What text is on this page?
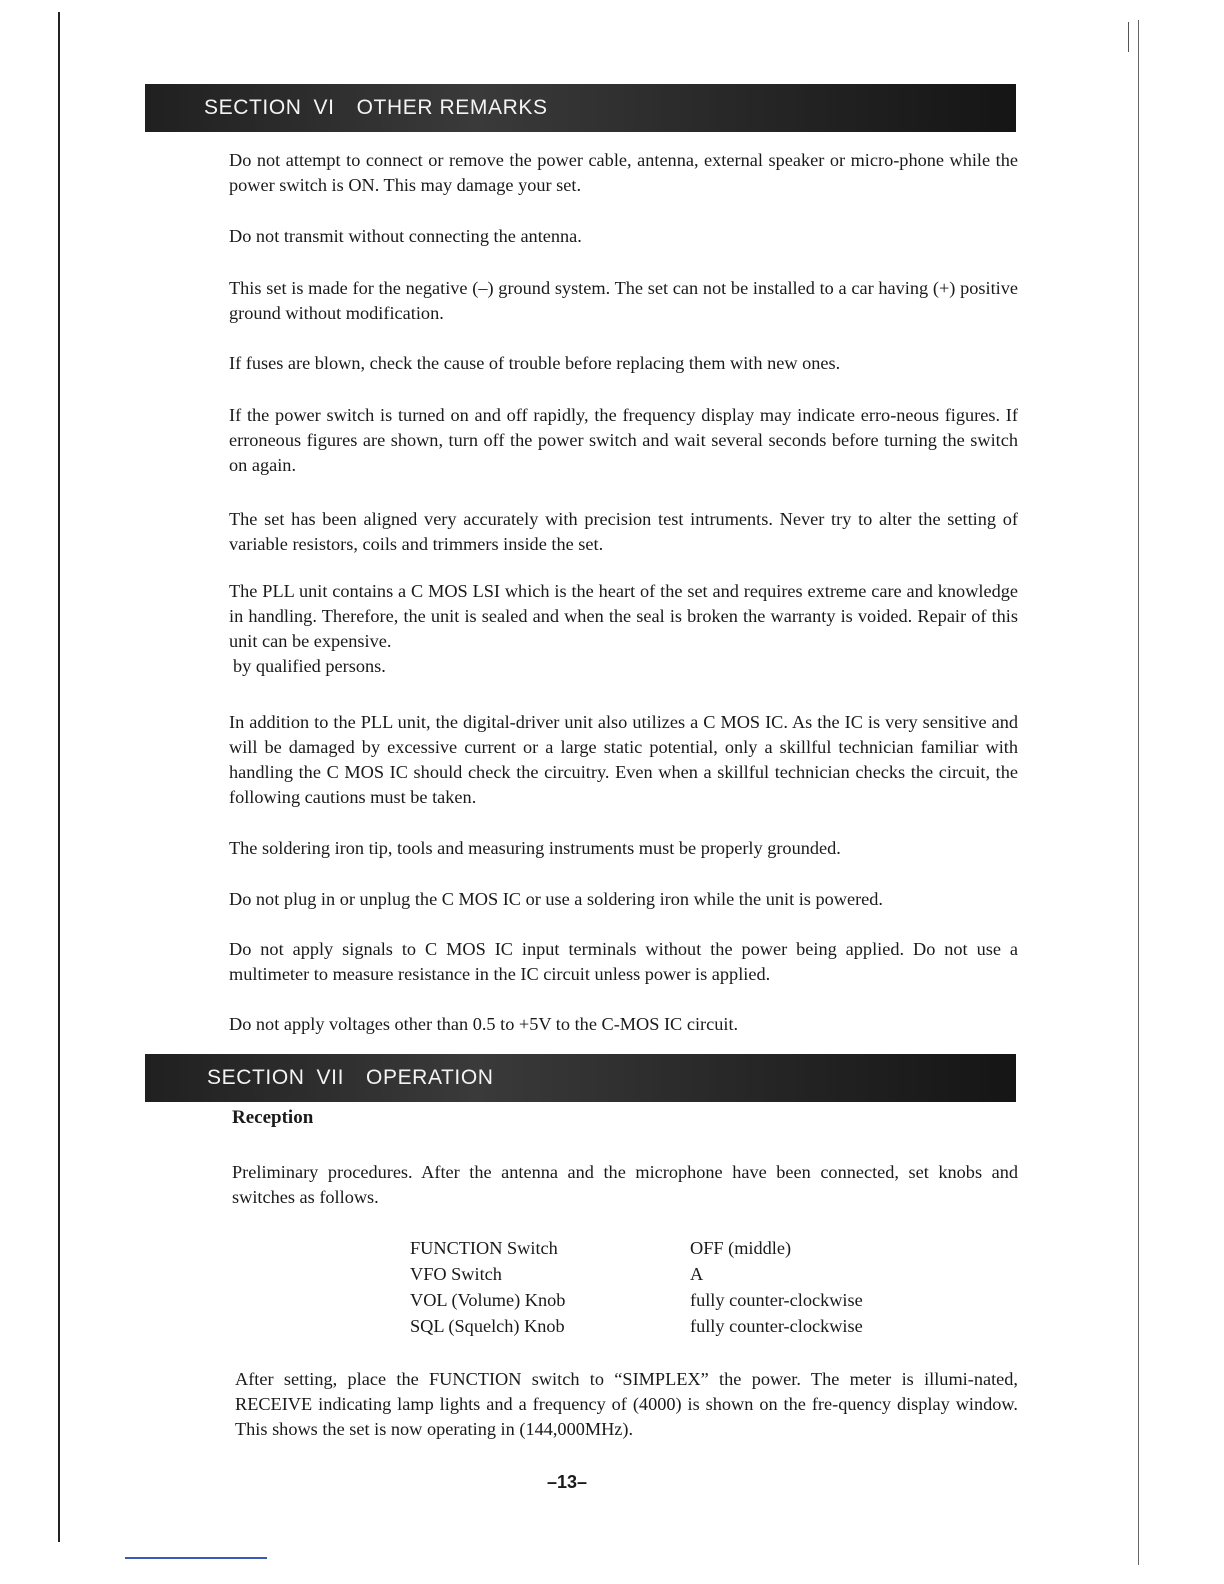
SECTION VI OTHER REMARKS

Do not attempt to connect or remove the power cable, antenna, external speaker or micro-phone while the power switch is ON. This may damage your set.

Do not transmit without connecting the antenna.

This set is made for the negative (–) ground system. The set can not be installed to a car having (+) positive ground without modification.

If fuses are blown, check the cause of trouble before replacing them with new ones.

If the power switch is turned on and off rapidly, the frequency display may indicate erro-neous figures. If erroneous figures are shown, turn off the power switch and wait several seconds before turning the switch on again.

The set has been aligned very accurately with precision test intruments. Never try to alter the setting of variable resistors, coils and trimmers inside the set.

The PLL unit contains a C MOS LSI which is the heart of the set and requires extreme care and knowledge in handling. Therefore, the unit is sealed and when the seal is broken the warranty is voided. Repair of this unit can be expensive.

by qualified persons.

In addition to the PLL unit, the digital-driver unit also utilizes a C MOS IC. As the IC is very sensitive and will be damaged by excessive current or a large static potential, only a skillful technician familiar with handling the C MOS IC should check the circuitry. Even when a skillful technician checks the circuit, the following cautions must be taken.

The soldering iron tip, tools and measuring instruments must be properly grounded.

Do not plug in or unplug the C MOS IC or use a soldering iron while the unit is powered.

Do not apply signals to C MOS IC input terminals without the power being applied. Do not use a multimeter to measure resistance in the IC circuit unless power is applied.

Do not apply voltages other than 0.5 to +5V to the C-MOS IC circuit.

SECTION VII OPERATION

Reception

Preliminary procedures. After the antenna and the microphone have been connected, set knobs and switches as follows.

FUNCTION Switch	OFF (middle)
VFO Switch	A
VOL (Volume) Knob	fully counter-clockwise
SQL (Squelch) Knob	fully counter-clockwise

After setting, place the FUNCTION switch to “SIMPLEX” the power. The meter is illumi-nated, RECEIVE indicating lamp lights and a frequency of (4000) is shown on the fre-quency display window. This shows the set is now operating in (144,000MHz).

–13–
